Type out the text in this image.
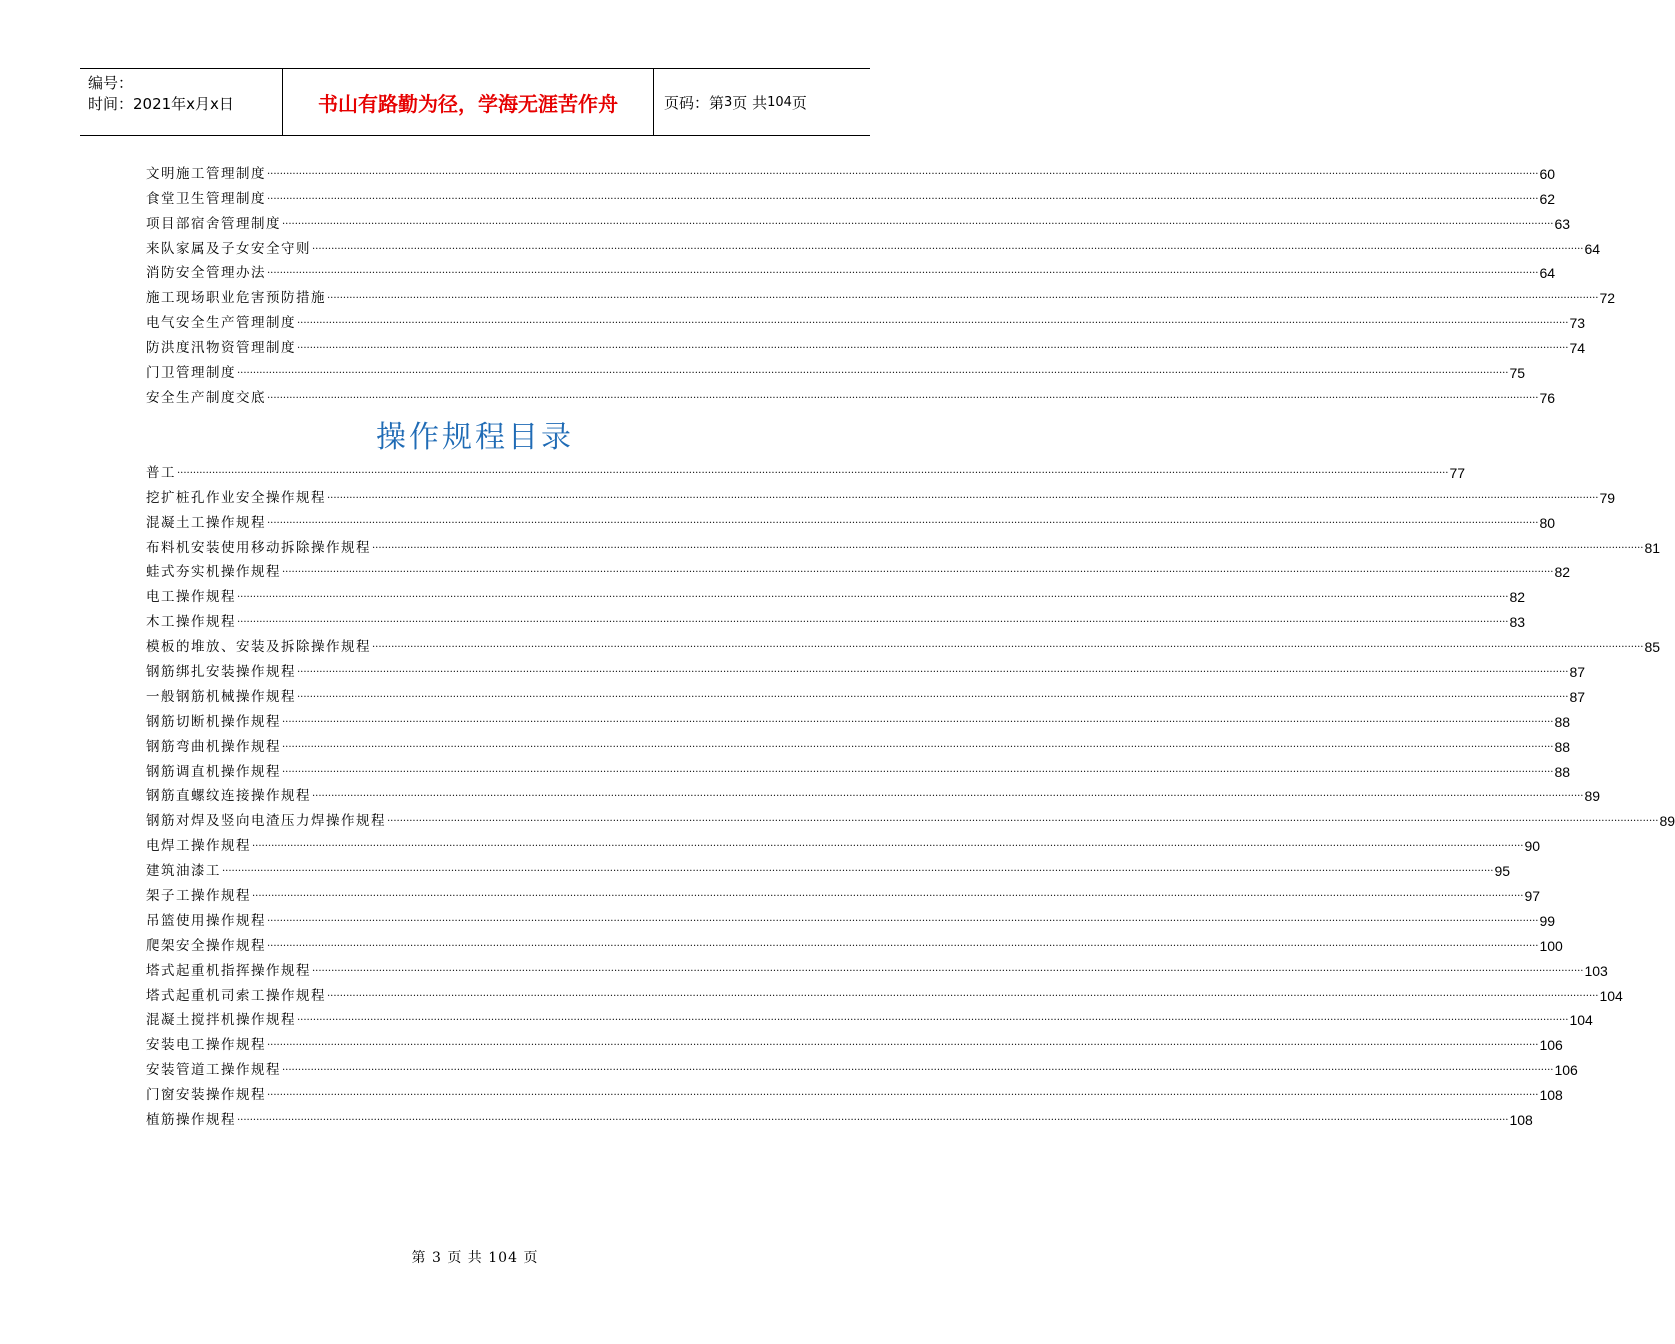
编号：
时间：2021年x月x日	书山有路勤为径，学海无涯苦作舟	页码：第 3 页 共 104 页
文明施工管理制度 ................................................................................................................................................................................................................................................................................................................................................................................................................ 60
食堂卫生管理制度 ................................................................................................................................................................................................................................................................................................................................................................................................................ 62
项目部宿舍管理制度 ................................................................................................................................................................................................................................................................................................................................................................................................................ 63
来队家属及子女安全守则 ................................................................................................................................................................................................................................................................................................................................................................................................................ 64
消防安全管理办法 ................................................................................................................................................................................................................................................................................................................................................................................................................ 64
施工现场职业危害预防措施 ................................................................................................................................................................................................................................................................................................................................................................................................................ 72
电气安全生产管理制度 ................................................................................................................................................................................................................................................................................................................................................................................................................ 73
防洪度汛物资管理制度 ................................................................................................................................................................................................................................................................................................................................................................................................................ 74
门卫管理制度 ................................................................................................................................................................................................................................................................................................................................................................................................................ 75
安全生产制度交底 ................................................................................................................................................................................................................................................................................................................................................................................................................ 76
操作规程目录
普工 ................................................................................................................................................................................................................................................................................................................................................................................................................ 77
挖扩桩孔作业安全操作规程 ................................................................................................................................................................................................................................................................................................................................................................................................................ 79
混凝土工操作规程 ................................................................................................................................................................................................................................................................................................................................................................................................................ 80
布料机安装使用移动拆除操作规程 ................................................................................................................................................................................................................................................................................................................................................................................................................ 81
蛙式夯实机操作规程 ................................................................................................................................................................................................................................................................................................................................................................................................................ 82
电工操作规程 ................................................................................................................................................................................................................................................................................................................................................................................................................ 82
木工操作规程 ................................................................................................................................................................................................................................................................................................................................................................................................................ 83
模板的堆放、安装及拆除操作规程 ................................................................................................................................................................................................................................................................................................................................................................................................................ 85
钢筋绑扎安装操作规程 ................................................................................................................................................................................................................................................................................................................................................................................................................ 87
一般钢筋机械操作规程 ................................................................................................................................................................................................................................................................................................................................................................................................................ 87
钢筋切断机操作规程 ................................................................................................................................................................................................................................................................................................................................................................................................................ 88
钢筋弯曲机操作规程 ................................................................................................................................................................................................................................................................................................................................................................................................................ 88
钢筋调直机操作规程 ................................................................................................................................................................................................................................................................................................................................................................................................................ 88
钢筋直螺纹连接操作规程 ................................................................................................................................................................................................................................................................................................................................................................................................................ 89
钢筋对焊及竖向电渣压力焊操作规程 ................................................................................................................................................................................................................................................................................................................................................................................................................ 89
电焊工操作规程 ................................................................................................................................................................................................................................................................................................................................................................................................................ 90
建筑油漆工 ................................................................................................................................................................................................................................................................................................................................................................................................................ 95
架子工操作规程 ................................................................................................................................................................................................................................................................................................................................................................................................................ 97
吊篮使用操作规程 ................................................................................................................................................................................................................................................................................................................................................................................................................ 99
爬架安全操作规程 ................................................................................................................................................................................................................................................................................................................................................................................................................ 100
塔式起重机指挥操作规程 ................................................................................................................................................................................................................................................................................................................................................................................................................ 103
塔式起重机司索工操作规程 ................................................................................................................................................................................................................................................................................................................................................................................................................ 104
混凝土搅拌机操作规程 ................................................................................................................................................................................................................................................................................................................................................................................................................ 104
安装电工操作规程 ................................................................................................................................................................................................................................................................................................................................................................................................................ 106
安装管道工操作规程 ................................................................................................................................................................................................................................................................................................................................................................................................................ 106
门窗安装操作规程 ................................................................................................................................................................................................................................................................................................................................................................................................................ 108
植筋操作规程 ................................................................................................................................................................................................................................................................................................................................................................................................................ 108
第 3 页 共 104 页
